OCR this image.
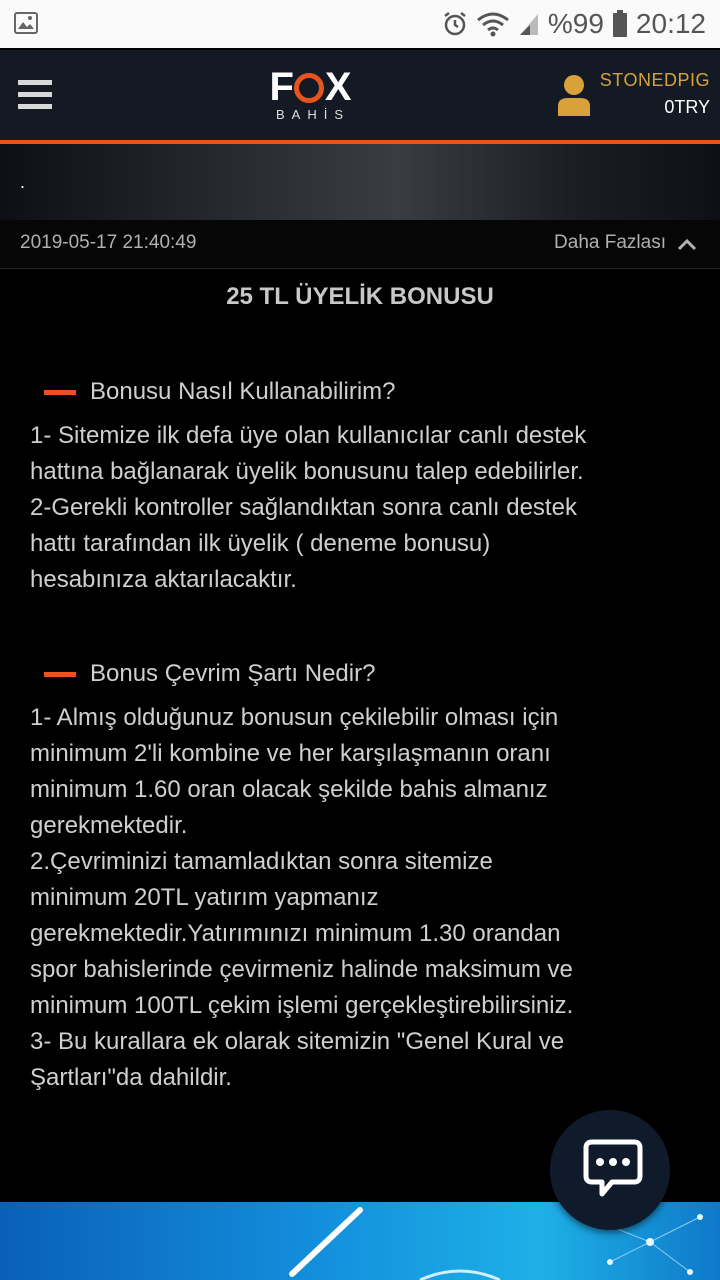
%99 20:12
F X
BAHİS
STONEDPIG
0TRY
.
2019-05-17 21:40:49	Daha Fazlası
25 TL ÜYELİK BONUSU
Bonusu Nasıl Kullanabilirim?
1- Sitemize ilk defa üye olan kullanıcılar canlı destek
hattına bağlanarak üyelik bonusunu talep edebilirler.
2-Gerekli kontroller sağlandıktan sonra canlı destek
hattı tarafından ilk üyelik ( deneme bonusu)
hesabınıza aktarılacaktır.
Bonus Çevrim Şartı Nedir?
1- Almış olduğunuz bonusun çekilebilir olması için
minimum 2'li kombine ve her karşılaşmanın oranı
minimum 1.60 oran olacak şekilde bahis almanız
gerekmektedir.
2.Çevriminizi tamamladıktan sonra sitemize
minimum 20TL yatırım yapmanız
gerekmektedir.Yatırımınızı minimum 1.30 orandan
spor bahislerinde çevirmeniz halinde maksimum ve
minimum 100TL çekim işlemi gerçekleştirebilirsiniz.
3- Bu kurallara ek olarak sitemizin "Genel Kural ve
Şartları"da dahildir.
